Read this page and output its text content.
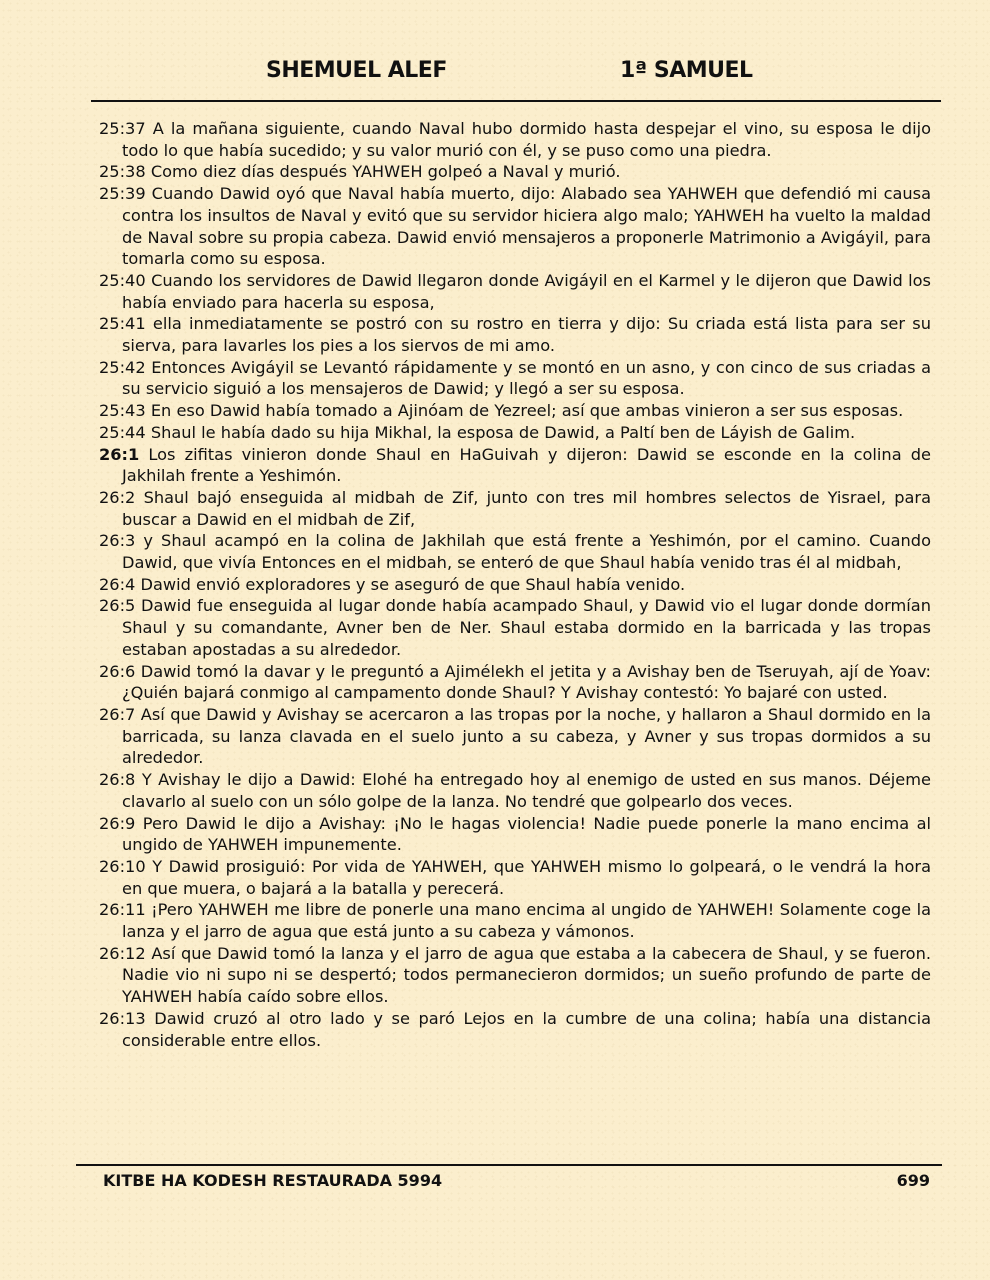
SHEMUEL ALEF	1ª SAMUEL

25:37 A la mañana siguiente, cuando Naval hubo dormido hasta despejar el vino, su esposa le dijo todo lo que había sucedido; y su valor murió con él, y se puso como una piedra.

25:38 Como diez días después YAHWEH golpeó a Naval y murió.

25:39 Cuando Dawid oyó que Naval había muerto, dijo: Alabado sea YAHWEH que defendió mi causa contra los insultos de Naval y evitó que su servidor hiciera algo malo; YAHWEH ha vuelto la maldad de Naval sobre su propia cabeza. Dawid envió mensajeros a proponerle Matrimonio a Avigáyil, para tomarla como su esposa.

25:40 Cuando los servidores de Dawid llegaron donde Avigáyil en el Karmel y le dijeron que Dawid los había enviado para hacerla su esposa,

25:41 ella inmediatamente se postró con su rostro en tierra y dijo: Su criada está lista para ser su sierva, para lavarles los pies a los siervos de mi amo.

25:42 Entonces Avigáyil se Levantó rápidamente y se montó en un asno, y con cinco de sus criadas a su servicio siguió a los mensajeros de Dawid; y llegó a ser su esposa.

25:43 En eso Dawid había tomado a Ajinóam de Yezreel; así que ambas vinieron a ser sus esposas.

25:44 Shaul le había dado su hija Mikhal, la esposa de Dawid, a Paltí ben de Láyish de Galim.

26:1 Los zifitas vinieron donde Shaul en HaGuivah y dijeron: Dawid se esconde en la colina de Jakhilah frente a Yeshimón.

26:2 Shaul bajó enseguida al midbah de Zif, junto con tres mil hombres selectos de Yisrael, para buscar a Dawid en el midbah de Zif,

26:3 y Shaul acampó en la colina de Jakhilah que está frente a Yeshimón, por el camino. Cuando Dawid, que vivía Entonces en el midbah, se enteró de que Shaul había venido tras él al midbah,

26:4 Dawid envió exploradores y se aseguró de que Shaul había venido.

26:5 Dawid fue enseguida al lugar donde había acampado Shaul, y Dawid vio el lugar donde dormían Shaul y su comandante, Avner ben de Ner. Shaul estaba dormido en la barricada y las tropas estaban apostadas a su alrededor.

26:6 Dawid tomó la davar y le preguntó a Ajimélekh el jetita y a Avishay ben de Tseruyah, ají de Yoav: ¿Quién bajará conmigo al campamento donde Shaul? Y Avishay contestó: Yo bajaré con usted.

26:7 Así que Dawid y Avishay se acercaron a las tropas por la noche, y hallaron a Shaul dormido en la barricada, su lanza clavada en el suelo junto a su cabeza, y Avner y sus tropas dormidos a su alrededor.

26:8 Y Avishay le dijo a Dawid: Elohé ha entregado hoy al enemigo de usted en sus manos. Déjeme clavarlo al suelo con un sólo golpe de la lanza. No tendré que golpearlo dos veces.

26:9 Pero Dawid le dijo a Avishay: ¡No le hagas violencia! Nadie puede ponerle la mano encima al ungido de YAHWEH impunemente.

26:10 Y Dawid prosiguió: Por vida de YAHWEH, que YAHWEH mismo lo golpeará, o le vendrá la hora en que muera, o bajará a la batalla y perecerá.

26:11 ¡Pero YAHWEH me libre de ponerle una mano encima al ungido de YAHWEH! Solamente coge la lanza y el jarro de agua que está junto a su cabeza y vámonos.

26:12 Así que Dawid tomó la lanza y el jarro de agua que estaba a la cabecera de Shaul, y se fueron. Nadie vio ni supo ni se despertó; todos permanecieron dormidos; un sueño profundo de parte de YAHWEH había caído sobre ellos.

26:13 Dawid cruzó al otro lado y se paró Lejos en la cumbre de una colina; había una distancia considerable entre ellos.

KITBE HA KODESH RESTAURADA 5994	699
